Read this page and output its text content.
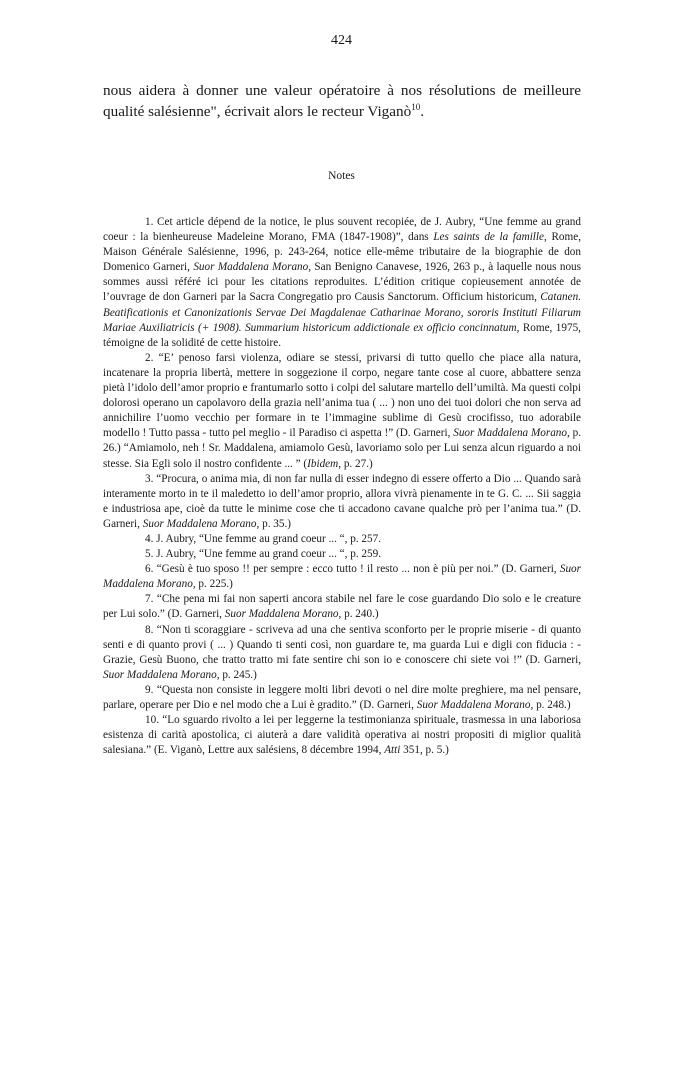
424

nous aidera à donner une valeur opératoire à nos résolutions de meilleure qualité salésienne", écrivait alors le recteur Viganò$^{10}$.

Notes

1. Cet article dépend de la notice, le plus souvent recopiée, de J. Aubry, “Une femme au grand coeur : la bienheureuse Madeleine Morano, FMA (1847-1908)”, dans Les saints de la famille, Rome, Maison Générale Salésienne, 1996, p. 243-264, notice elle-même tributaire de la biographie de don Domenico Garneri, Suor Maddalena Morano, San Benigno Canavese, 1926, 263 p., à laquelle nous nous sommes aussi référé ici pour les citations reproduites. L’édition critique copieusement annotée de l’ouvrage de don Garneri par la Sacra Congregatio pro Causis Sanctorum. Officium historicum, Catanen. Beatificationis et Canonizationis Servae Dei Magdalenae Catharinae Morano, sororis Instituti Filiarum Mariae Auxiliatricis (+ 1908). Summarium historicum addictionale ex officio concinnatum, Rome, 1975, témoigne de la solidité de cette histoire.

2. “E’ penoso farsi violenza, odiare se stessi, privarsi di tutto quello che piace alla natura, incatenare la propria libertà, mettere in soggezione il corpo, negare tante cose al cuore, abbattere senza pietà l’idolo dell’amor proprio e frantumarlo sotto i colpi del salutare martello dell’umiltà. Ma questi colpi dolorosi operano un capolavoro della grazia nell’anima tua ( ... ) non uno dei tuoi dolori che non serva ad annichilire l’uomo vecchio per formare in te l’immagine sublime di Gesù crocifisso, tuo adorabile modello ! Tutto passa - tutto pel meglio - il Paradiso ci aspetta !” (D. Garneri, Suor Maddalena Morano, p. 26.) “Amiamolo, neh ! Sr. Maddalena, amiamolo Gesù, lavoriamo solo per Lui senza alcun riguardo a noi stesse. Sia Egli solo il nostro confidente ... ” (Ibidem, p. 27.)

3. “Procura, o anima mia, di non far nulla di esser indegno di essere offerto a Dio ... Quando sarà interamente morto in te il maledetto io dell’amor proprio, allora vivrà pienamente in te G. C. ... Sii saggia e industriosa ape, cioè da tutte le minime cose che ti accadono cavane qualche prò per l’anima tua.” (D. Garneri, Suor Maddalena Morano, p. 35.)

4. J. Aubry, “Une femme au grand coeur ... “, p. 257.

5. J. Aubry, “Une femme au grand coeur ... “, p. 259.

6. “Gesù è tuo sposo !! per sempre : ecco tutto ! il resto ... non è più per noi.” (D. Garneri, Suor Maddalena Morano, p. 225.)

7. “Che pena mi fai non saperti ancora stabile nel fare le cose guardando Dio solo e le creature per Lui solo.” (D. Garneri, Suor Maddalena Morano, p. 240.)

8. “Non ti scoraggiare - scriveva ad una che sentiva sconforto per le proprie miserie - di quanto senti e di quanto provi ( ... ) Quando ti senti così, non guardare te, ma guarda Lui e digli con fiducia : - Grazie, Gesù Buono, che tratto tratto mi fate sentire chi son io e conoscere chi siete voi !” (D. Garneri, Suor Maddalena Morano, p. 245.)

9. “Questa non consiste in leggere molti libri devoti o nel dire molte preghiere, ma nel pensare, parlare, operare per Dio e nel modo che a Lui è gradito.” (D. Garneri, Suor Maddalena Morano, p. 248.)

10. “Lo sguardo rivolto a lei per leggerne la testimonianza spirituale, trasmessa in una laboriosa esistenza di carità apostolica, ci aiuterà a dare validità operativa ai nostri propositi di miglior qualità salesiana.” (E. Viganò, Lettre aux salésiens, 8 décembre 1994, Atti 351, p. 5.)
